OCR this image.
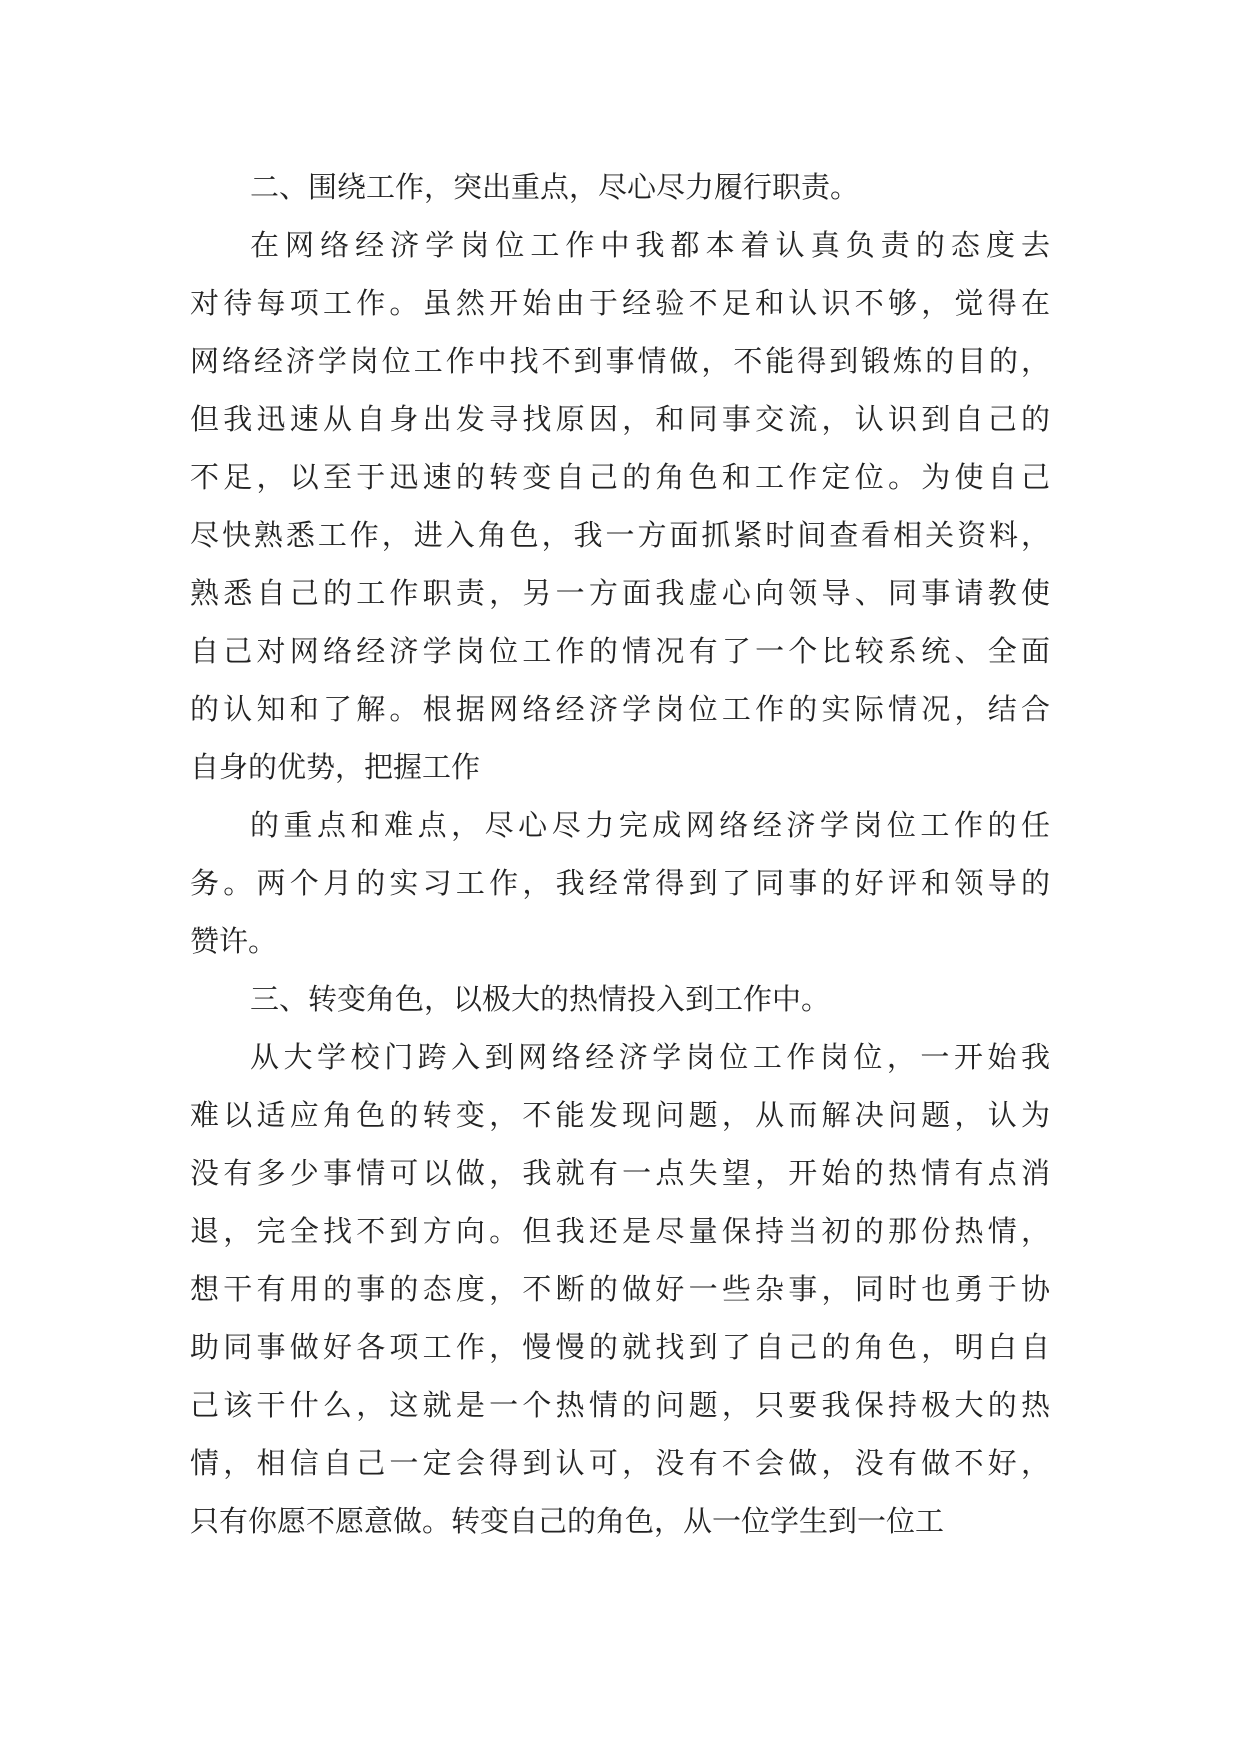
二、围绕工作，突出重点，尽心尽力履行职责。
在网络经济学岗位工作中我都本着认真负责的态度去
对待每项工作。虽然开始由于经验不足和认识不够，觉得在
网络经济学岗位工作中找不到事情做，不能得到锻炼的目的，
但我迅速从自身出发寻找原因，和同事交流，认识到自己的
不足，以至于迅速的转变自己的角色和工作定位。为使自己
尽快熟悉工作，进入角色，我一方面抓紧时间查看相关资料，
熟悉自己的工作职责，另一方面我虚心向领导、同事请教使
自己对网络经济学岗位工作的情况有了一个比较系统、全面
的认知和了解。根据网络经济学岗位工作的实际情况，结合
自身的优势，把握工作
的重点和难点，尽心尽力完成网络经济学岗位工作的任
务。两个月的实习工作，我经常得到了同事的好评和领导的
赞许。
三、转变角色，以极大的热情投入到工作中。
从大学校门跨入到网络经济学岗位工作岗位，一开始我
难以适应角色的转变，不能发现问题，从而解决问题，认为
没有多少事情可以做，我就有一点失望，开始的热情有点消
退，完全找不到方向。但我还是尽量保持当初的那份热情，
想干有用的事的态度，不断的做好一些杂事，同时也勇于协
助同事做好各项工作，慢慢的就找到了自己的角色，明白自
己该干什么，这就是一个热情的问题，只要我保持极大的热
情，相信自己一定会得到认可，没有不会做，没有做不好，
只有你愿不愿意做。转变自己的角色，从一位学生到一位工
